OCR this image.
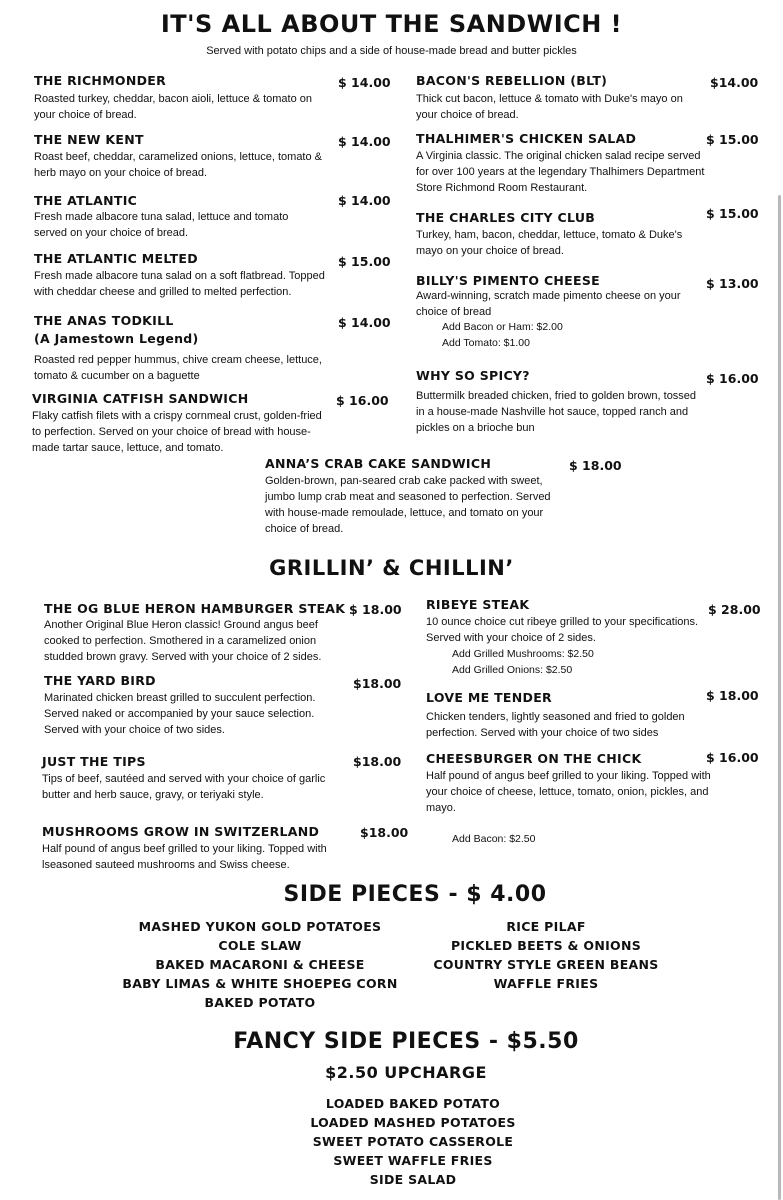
IT'S ALL ABOUT THE SANDWICH !
Served with potato chips and a side of house-made bread and butter pickles
THE RICHMONDER	$ 14.00
Roasted turkey, cheddar, bacon aioli, lettuce & tomato on
your choice of bread.
THE NEW KENT	$ 14.00
Roast beef, cheddar, caramelized onions, lettuce, tomato &
herb mayo on your choice of bread.
THE ATLANTIC	$ 14.00
Fresh made albacore tuna salad, lettuce and tomato
served on your choice of bread.
THE ATLANTIC MELTED	$ 15.00
Fresh made albacore tuna salad on a soft flatbread. Topped
with cheddar cheese and grilled to melted perfection.
THE ANAS TODKILL
(A Jamestown Legend)
$ 14.00
Roasted red pepper hummus, chive cream cheese, lettuce,
tomato & cucumber on a baguette
VIRGINIA CATFISH SANDWICH	$ 16.00
Flaky catfish filets with a crispy cornmeal crust, golden-fried
to perfection. Served on your choice of bread with house-
made tartar sauce, lettuce, and tomato.
BACON'S REBELLION (BLT)	$14.00
Thick cut bacon, lettuce & tomato with Duke's mayo on
your choice of bread.
THALHIMER'S CHICKEN SALAD	$ 15.00
A Virginia classic. The original chicken salad recipe served
for over 100 years at the legendary Thalhimers Department
Store Richmond Room Restaurant.
THE CHARLES CITY CLUB	$ 15.00
Turkey, ham, bacon, cheddar, lettuce, tomato & Duke's
mayo on your choice of bread.
BILLY'S PIMENTO CHEESE	$ 13.00
Award-winning, scratch made pimento cheese on your
choice of bread
Add Bacon or Ham: $2.00
Add Tomato: $1.00
WHY SO SPICY?	$ 16.00
Buttermilk breaded chicken, fried to golden brown, tossed
in a house-made Nashville hot sauce, topped ranch and
pickles on a brioche bun
ANNA’S CRAB CAKE SANDWICH	$ 18.00
Golden-brown, pan-seared crab cake packed with sweet,
jumbo lump crab meat and seasoned to perfection. Served
with house-made remoulade, lettuce, and tomato on your
choice of bread.
GRILLIN’ & CHILLIN’
THE OG BLUE HERON HAMBURGER STEAK $ 18.00
Another Original Blue Heron classic! Ground angus beef
cooked to perfection. Smothered in a caramelized onion
studded brown gravy. Served with your choice of 2 sides.
THE YARD BIRD	$18.00
Marinated chicken breast grilled to succulent perfection.
Served naked or accompanied by your sauce selection.
Served with your choice of two sides.
JUST THE TIPS	$18.00
Tips of beef, sautéed and served with your choice of garlic
butter and herb sauce, gravy, or teriyaki style.
MUSHROOMS GROW IN SWITZERLAND	$18.00
Half pound of angus beef grilled to your liking. Topped with
lseasoned sauteed mushrooms and Swiss cheese.
RIBEYE STEAK	$ 28.00
10 ounce choice cut ribeye grilled to your specifications.
Served with your choice of 2 sides.
Add Grilled Mushrooms: $2.50
Add Grilled Onions: $2.50
LOVE ME TENDER	$ 18.00
Chicken tenders, lightly seasoned and fried to golden
perfection. Served with your choice of two sides
CHEESBURGER ON THE CHICK	$ 16.00
Half pound of angus beef grilled to your liking. Topped with
your choice of cheese, lettuce, tomato, onion, pickles, and
mayo.
Add Bacon: $2.50
SIDE PIECES - $ 4.00
MASHED YUKON GOLD POTATOES
COLE SLAW
BAKED MACARONI & CHEESE
BABY LIMAS & WHITE SHOEPEG CORN
BAKED POTATO
RICE PILAF
PICKLED BEETS & ONIONS
COUNTRY STYLE GREEN BEANS
WAFFLE FRIES
FANCY SIDE PIECES - $5.50
$2.50 UPCHARGE
LOADED BAKED POTATO
LOADED MASHED POTATOES
SWEET POTATO CASSEROLE
SWEET WAFFLE FRIES
SIDE SALAD
